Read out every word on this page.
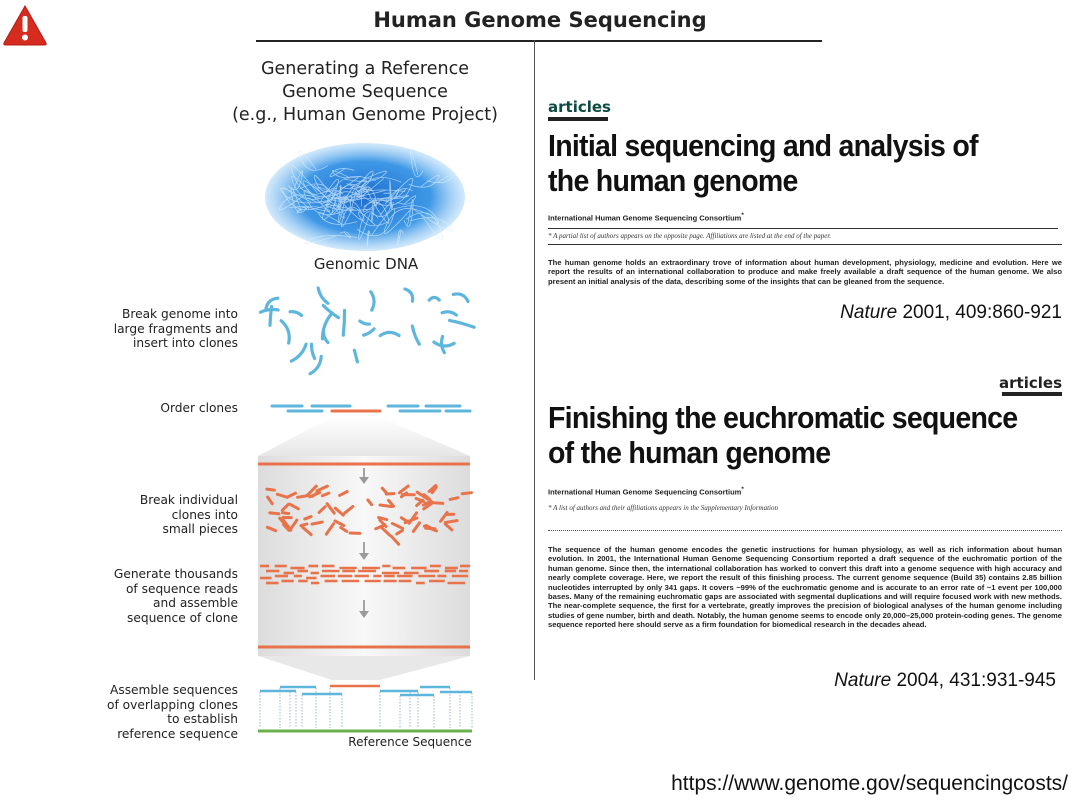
Human Genome Sequencing
Generating a Reference
Genome Sequence
(e.g., Human Genome Project)
Genomic DNA
Break genome into
large fragments and
insert into clones
Order clones
Break individual
clones into
small pieces
Generate thousands
of sequence reads
and assemble
sequence of clone
Assemble sequences
of overlapping clones
to establish
reference sequence
Reference Sequence
articles
Initial sequencing and analysis of the human genome
International Human Genome Sequencing Consortium*
* A partial list of authors appears on the opposite page. Affiliations are listed at the end of the paper.
The human genome holds an extraordinary trove of information about human development, physiology, medicine and evolution. Here we report the results of an international collaboration to produce and make freely available a draft sequence of the human genome. We also present an initial analysis of the data, describing some of the insights that can be gleaned from the sequence.
Nature 2001, 409:860-921
articles
Finishing the euchromatic sequence of the human genome
International Human Genome Sequencing Consortium*
* A list of authors and their affiliations appears in the Supplementary Information
The sequence of the human genome encodes the genetic instructions for human physiology, as well as rich information about human evolution. In 2001, the International Human Genome Sequencing Consortium reported a draft sequence of the euchromatic portion of the human genome. Since then, the international collaboration has worked to convert this draft into a genome sequence with high accuracy and nearly complete coverage. Here, we report the result of this finishing process. The current genome sequence (Build 35) contains 2.85 billion nucleotides interrupted by only 341 gaps. It covers ~99% of the euchromatic genome and is accurate to an error rate of ~1 event per 100,000 bases. Many of the remaining euchromatic gaps are associated with segmental duplications and will require focused work with new methods. The near-complete sequence, the first for a vertebrate, greatly improves the precision of biological analyses of the human genome including studies of gene number, birth and death. Notably, the human genome seems to encode only 20,000–25,000 protein-coding genes. The genome sequence reported here should serve as a firm foundation for biomedical research in the decades ahead.
Nature 2004, 431:931-945
https://www.genome.gov/sequencingcosts/
